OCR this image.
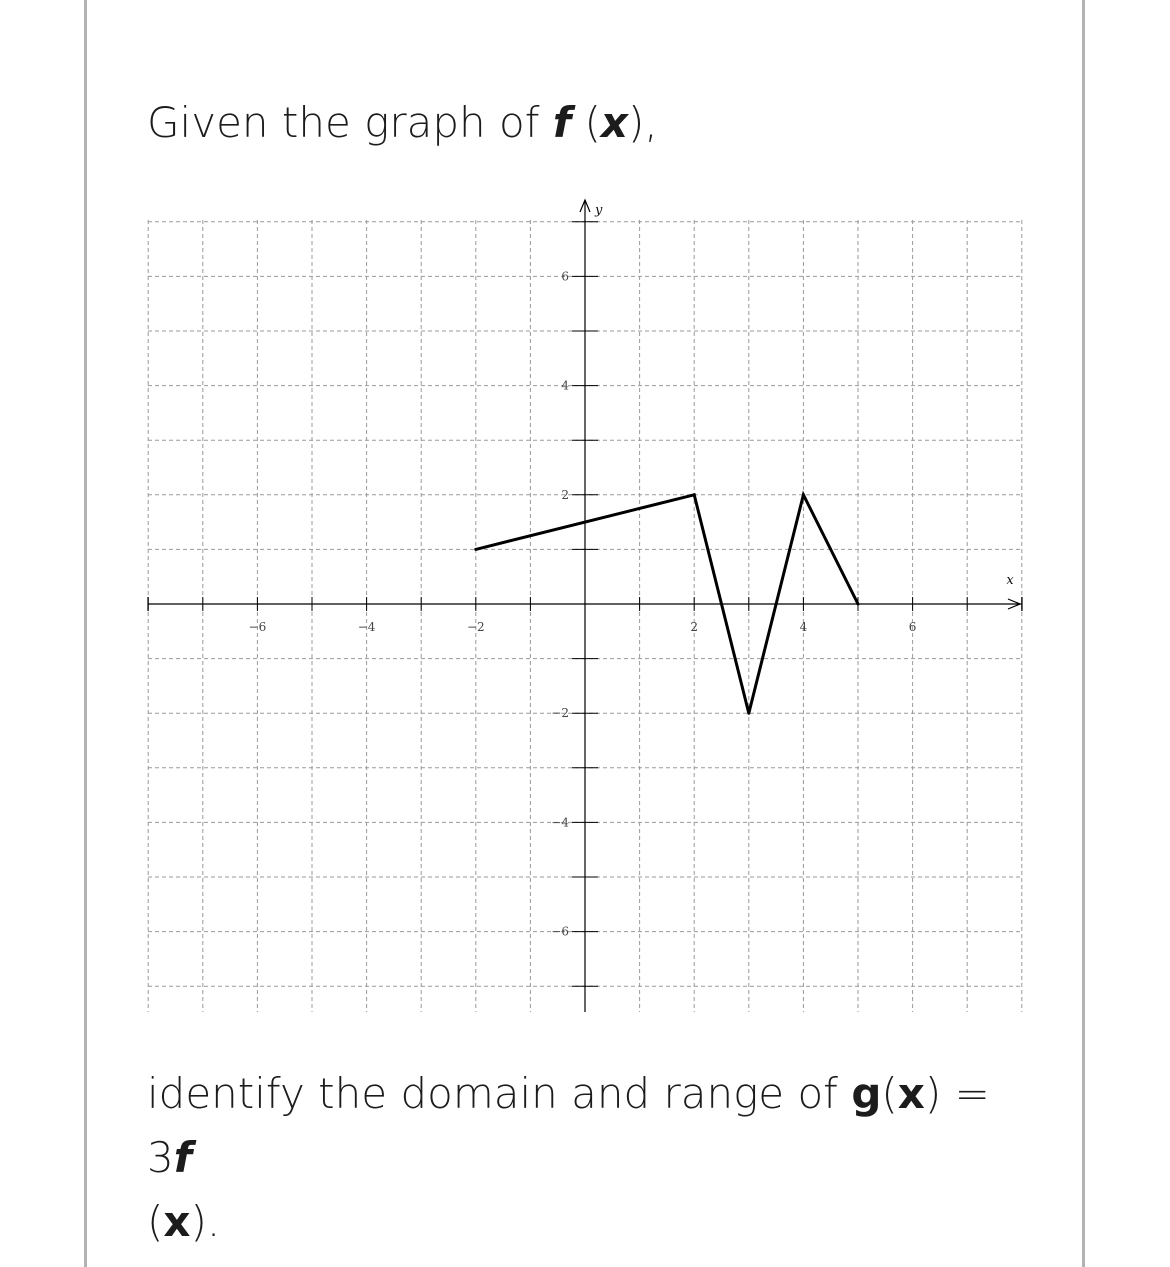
Given the graph of f (x),
−6	−4	−2	2	4	6
6
4
2
−2
−4
−6
x
y
identify the domain and range of g(x) = 3f
(x).
